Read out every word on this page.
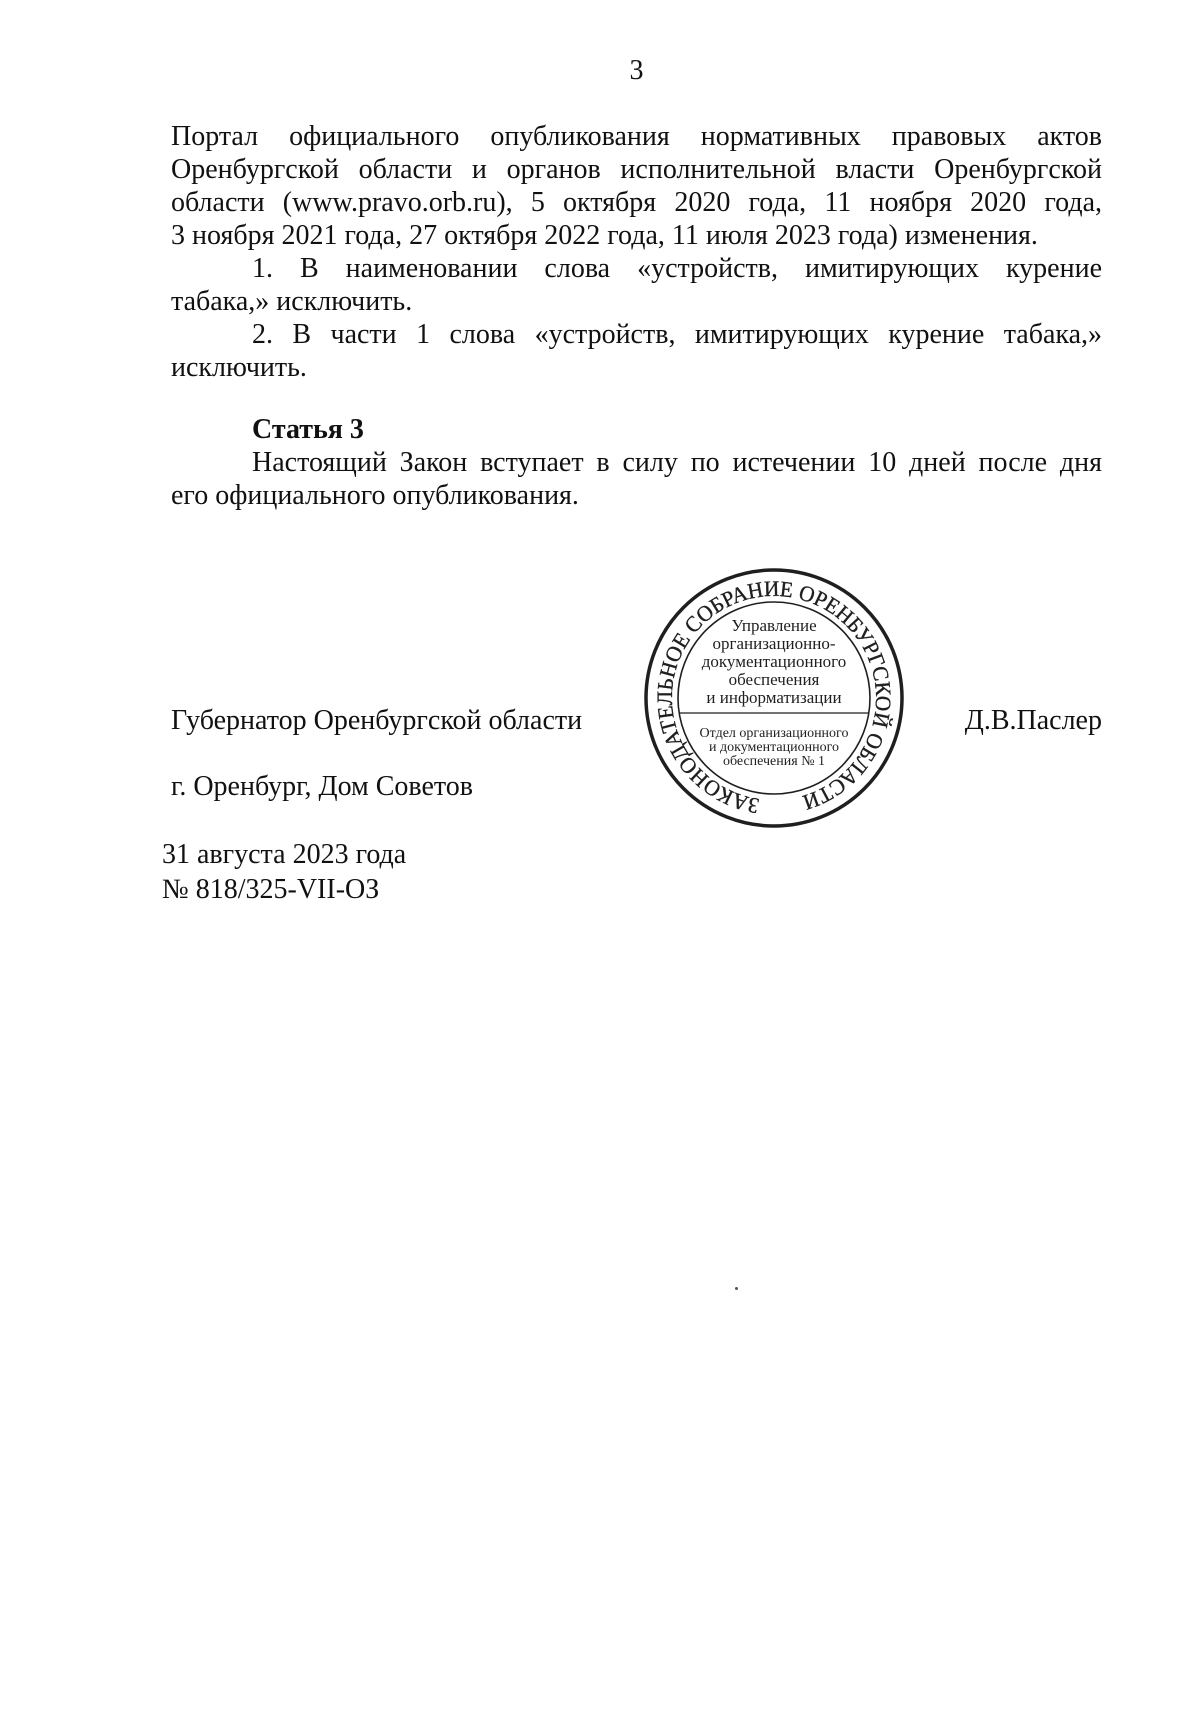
3
Портал официального опубликования нормативных правовых актов
Оренбургской области и органов исполнительной власти Оренбургской
области (www.pravo.orb.ru), 5 октября 2020 года, 11 ноября 2020 года,
3 ноября 2021 года, 27 октября 2022 года, 11 июля 2023 года) изменения.
1. В наименовании слова «устройств, имитирующих курение
табака,» исключить.
2. В части 1 слова «устройств, имитирующих курение табака,»
исключить.
Статья 3
Настоящий Закон вступает в силу по истечении 10 дней после дня
его официального опубликования.
Губернатор Оренбургской области	Д.В.Паслер
г. Оренбург, Дом Советов
31 августа 2023 года
№ 818/325-VII-ОЗ
ЗАКОНОДАТЕЛЬНОЕ СОБРАНИЕ ОРЕНБУРГСКОЙ ОБЛАСТИ
Управление
организационно-
документационного
обеспечения
и информатизации
Отдел организационного
и документационного
обеспечения № 1
